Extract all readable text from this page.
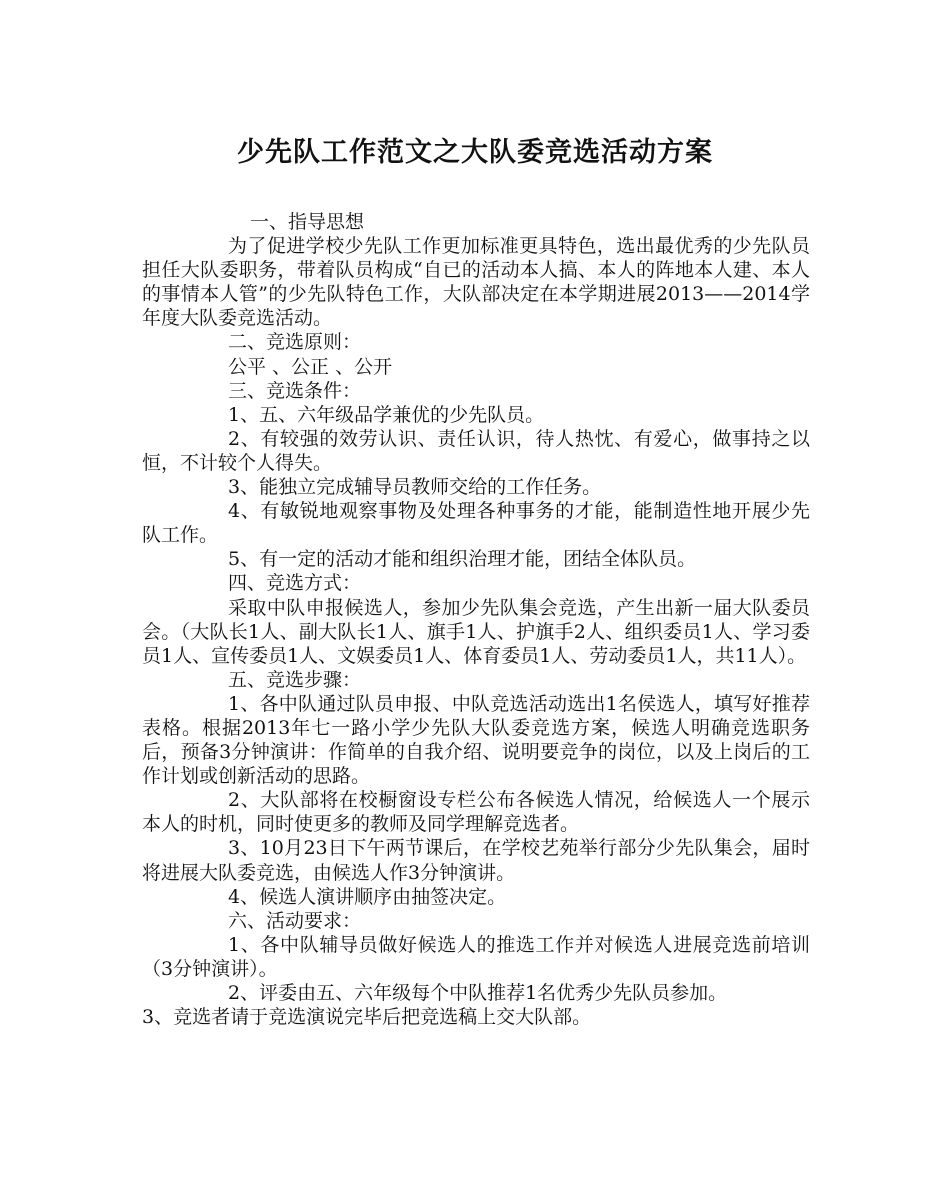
少先队工作范文之大队委竞选活动方案

一、指导思想

为了促进学校少先队工作更加标准更具特色，选出最优秀的少先队员担任大队委职务，带着队员构成“自已的活动本人搞、本人的阵地本人建、本人的事情本人管”的少先队特色工作，大队部决定在本学期进展2013——2014学年度大队委竞选活动。

二、竞选原则：

公平 、公正 、公开

三、竞选条件：

1、五、六年级品学兼优的少先队员。

2、有较强的效劳认识、责任认识，待人热忱、有爱心，做事持之以恒，不计较个人得失。

3、能独立完成辅导员教师交给的工作任务。

4、有敏锐地观察事物及处理各种事务的才能，能制造性地开展少先队工作。

5、有一定的活动才能和组织治理才能，团结全体队员。

四、竞选方式：

采取中队申报候选人，参加少先队集会竞选，产生出新一届大队委员会。（大队长1人、副大队长1人、旗手1人、护旗手2人、组织委员1人、学习委员1人、宣传委员1人、文娱委员1人、体育委员1人、劳动委员1人，共11人）。

五、竞选步骤：

1、各中队通过队员申报、中队竞选活动选出1名侯选人，填写好推荐表格。根据2013年七一路小学少先队大队委竞选方案，候选人明确竞选职务后，预备3分钟演讲：作简单的自我介绍、说明要竞争的岗位，以及上岗后的工作计划或创新活动的思路。

2、大队部将在校橱窗设专栏公布各候选人情况，给候选人一个展示本人的时机，同时使更多的教师及同学理解竞选者。

3、10月23日下午两节课后，在学校艺苑举行部分少先队集会，届时将进展大队委竞选，由候选人作3分钟演讲。

4、候选人演讲顺序由抽签决定。

六、活动要求：

1、各中队辅导员做好候选人的推选工作并对候选人进展竞选前培训（3分钟演讲）。

2、评委由五、六年级每个中队推荐1名优秀少先队员参加。

3、竞选者请于竞选演说完毕后把竞选稿上交大队部。
